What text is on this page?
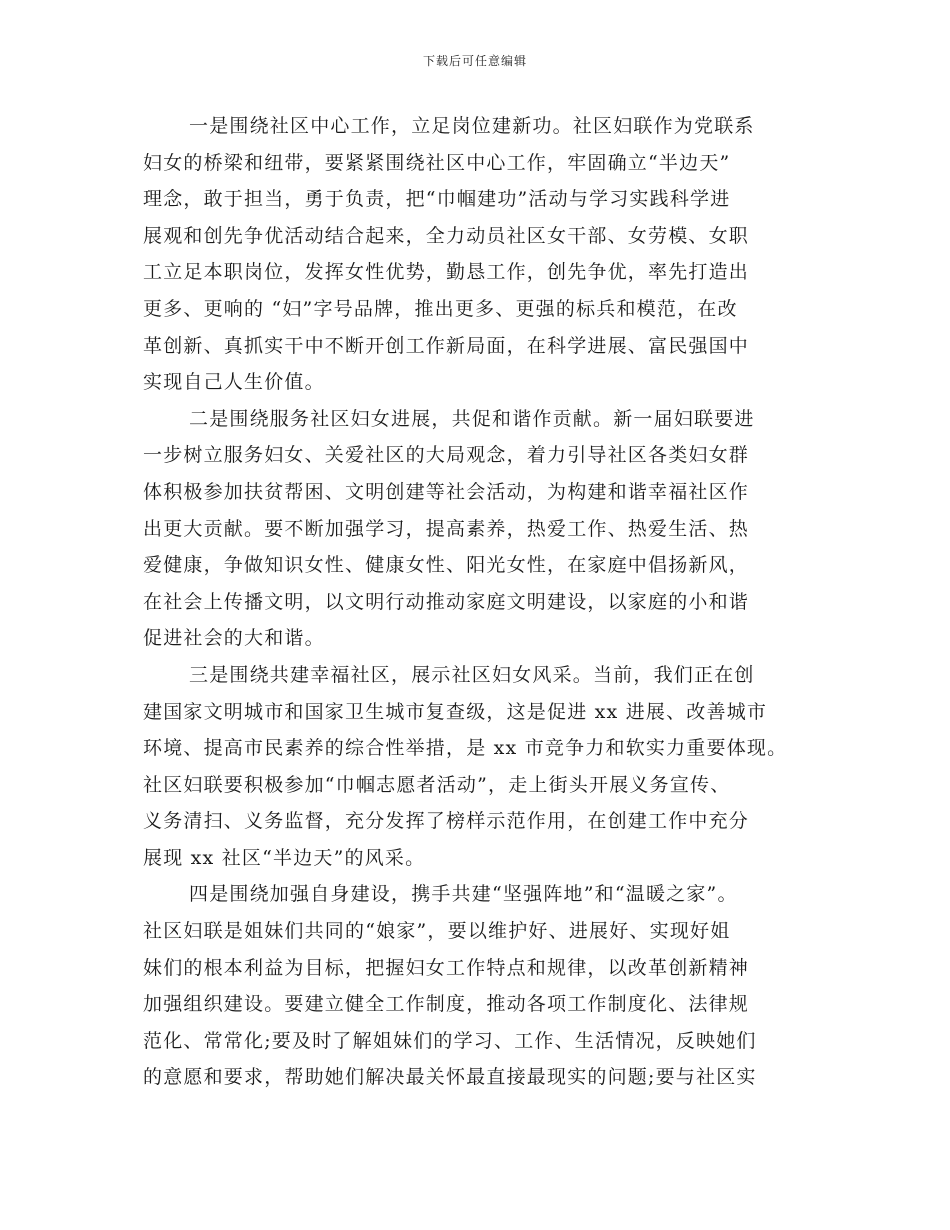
下载后可任意编辑
一是围绕社区中心工作，立足岗位建新功。社区妇联作为党联系
妇女的桥梁和纽带，要紧紧围绕社区中心工作，牢固确立“半边天”
理念，敢于担当，勇于负责，把“巾帼建功”活动与学习实践科学进
展观和创先争优活动结合起来，全力动员社区女干部、女劳模、女职
工立足本职岗位，发挥女性优势，勤恳工作，创先争优，率先打造出
更多、更响的 “妇”字号品牌，推出更多、更强的标兵和模范，在改
革创新、真抓实干中不断开创工作新局面，在科学进展、富民强国中
实现自己人生价值。
二是围绕服务社区妇女进展，共促和谐作贡献。新一届妇联要进
一步树立服务妇女、关爱社区的大局观念，着力引导社区各类妇女群
体积极参加扶贫帮困、文明创建等社会活动，为构建和谐幸福社区作
出更大贡献。要不断加强学习，提高素养，热爱工作、热爱生活、热
爱健康，争做知识女性、健康女性、阳光女性，在家庭中倡扬新风，
在社会上传播文明，以文明行动推动家庭文明建设，以家庭的小和谐
促进社会的大和谐。
三是围绕共建幸福社区，展示社区妇女风采。当前，我们正在创
建国家文明城市和国家卫生城市复查级，这是促进 xx 进展、改善城市
环境、提高市民素养的综合性举措，是 xx 市竞争力和软实力重要体现。
社区妇联要积极参加“巾帼志愿者活动”，走上街头开展义务宣传、
义务清扫、义务监督，充分发挥了榜样示范作用，在创建工作中充分
展现 xx 社区“半边天”的风采。
四是围绕加强自身建设，携手共建“坚强阵地”和“温暖之家”。
社区妇联是姐妹们共同的“娘家”，要以维护好、进展好、实现好姐
妹们的根本利益为目标，把握妇女工作特点和规律，以改革创新精神
加强组织建设。要建立健全工作制度，推动各项工作制度化、法律规
范化、常常化;要及时了解姐妹们的学习、工作、生活情况，反映她们
的意愿和要求，帮助她们解决最关怀最直接最现实的问题;要与社区实
